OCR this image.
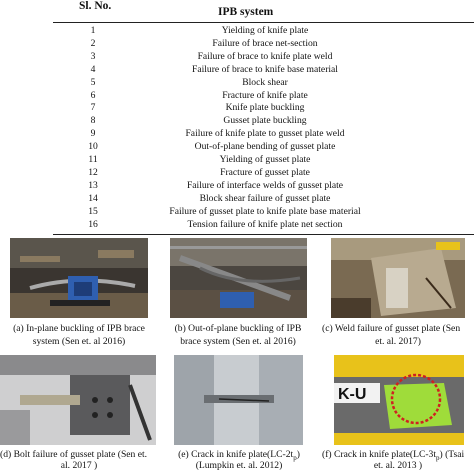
Sl. No.	IPB system
1	Yielding of knife plate
2	Failure of brace net-section
3	Failure of brace to knife plate weld
4	Failure of brace to knife base material
5	Block shear
6	Fracture of knife plate
7	Knife plate buckling
8	Gusset plate buckling
9	Failure of knife plate to gusset plate weld
10	Out-of-plane bending of gusset plate
11	Yielding of gusset plate
12	Fracture of gusset plate
13	Failure of interface welds of gusset plate
14	Block shear failure of gusset plate
15	Failure of gusset plate to knife plate base material
16	Tension failure of knife plate net section
(a) In-plane buckling of IPB brace
system (Sen et. al 2016)
(b) Out-of-plane buckling of IPB
brace system (Sen et. al 2016)
(c) Weld failure of gusset plate (Sen
et. al. 2017)
(d) Bolt failure of gusset plate (Sen et.
al. 2017 )
(e) Crack in knife $plate(LC-2t_p)$
(Lumpkin et. al. 2012)
K-U
(f) Crack in knife $plate(LC-3t_p)$ (Tsai
et. al. 2013 )
